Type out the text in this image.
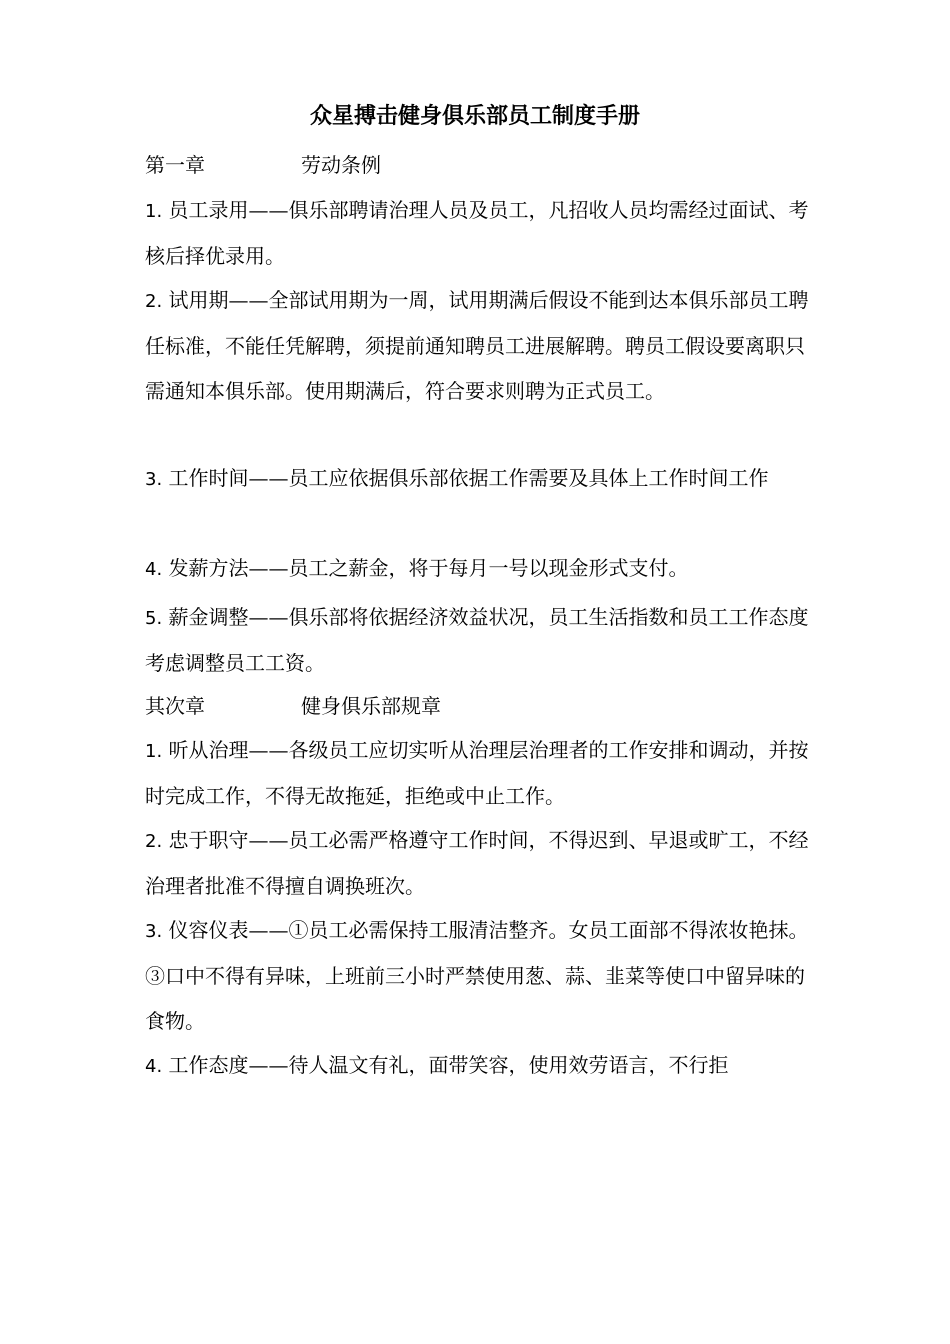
众星搏击健身俱乐部员工制度手册
第一章	劳动条例
1. 员工录用——俱乐部聘请治理人员及员工，凡招收人员均需经过面试、考核后择优录用。
2. 试用期——全部试用期为一周，试用期满后假设不能到达本俱乐部员工聘任标准，不能任凭解聘，须提前通知聘员工进展解聘。聘员工假设要离职只需通知本俱乐部。使用期满后，符合要求则聘为正式员工。
3. 工作时间——员工应依据俱乐部依据工作需要及具体上工作时间工作
4. 发薪方法——员工之薪金，将于每月一号以现金形式支付。
5. 薪金调整——俱乐部将依据经济效益状况，员工生活指数和员工工作态度考虑调整员工工资。
其次章	健身俱乐部规章
1. 听从治理——各级员工应切实听从治理层治理者的工作安排和调动，并按时完成工作，不得无故拖延，拒绝或中止工作。
2. 忠于职守——员工必需严格遵守工作时间，不得迟到、早退或旷工，不经治理者批准不得擅自调换班次。
3. 仪容仪表——①员工必需保持工服清洁整齐。女员工面部不得浓妆艳抹。③口中不得有异味，上班前三小时严禁使用葱、蒜、韭菜等使口中留异味的食物。
4. 工作态度——待人温文有礼，面带笑容，使用效劳语言，不行拒
